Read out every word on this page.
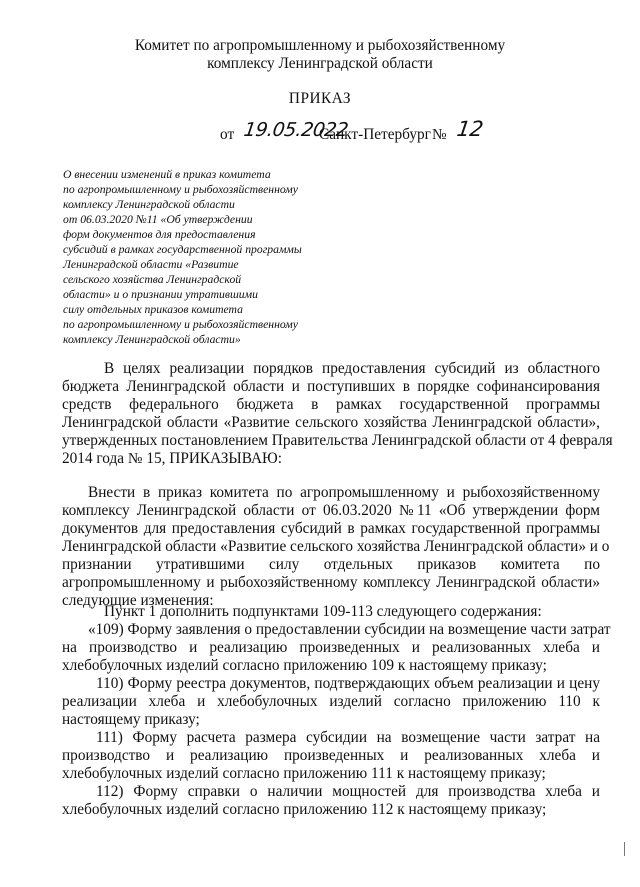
Комитет по агропромышленному и рыбохозяйственному
комплексу Ленинградской области
ПРИКАЗ
от 19.05.2022
Санкт-Петербург № 12
О внесении изменений в приказ комитета
по агропромышленному и рыбохозяйственному
комплексу Ленинградской области
от 06.03.2020 №11 «Об утверждении
форм документов для предоставления
субсидий в рамках государственной программы
Ленинградской области «Развитие
сельского хозяйства Ленинградской
области» и о признании утратившими
силу отдельных приказов комитета
по агропромышленному и рыбохозяйственному
комплексу Ленинградской области»
В целях реализации порядков предоставления субсидий из областного
бюджета Ленинградской области и поступивших в порядке софинансирования
средств федерального бюджета в рамках государственной программы
Ленинградской области «Развитие сельского хозяйства Ленинградской области»,
утвержденных постановлением Правительства Ленинградской области от 4 февраля
2014 года № 15, ПРИКАЗЫВАЮ:
Внести в приказ комитета по агропромышленному и рыбохозяйственному
комплексу Ленинградской области от 06.03.2020 №11 «Об утверждении форм
документов для предоставления субсидий в рамках государственной программы
Ленинградской области «Развитие сельского хозяйства Ленинградской области» и о
признании утратившими силу отдельных приказов комитета по
агропромышленному и рыбохозяйственному комплексу Ленинградской области»
следующие изменения:
Пункт 1 дополнить подпунктами 109-113 следующего содержания:
«109) Форму заявления о предоставлении субсидии на возмещение части затрат
на производство и реализацию произведенных и реализованных хлеба и
хлебобулочных изделий согласно приложению 109 к настоящему приказу;
110) Форму реестра документов, подтверждающих объем реализации и цену
реализации хлеба и хлебобулочных изделий согласно приложению 110 к
настоящему приказу;
111) Форму расчета размера субсидии на возмещение части затрат на
производство и реализацию произведенных и реализованных хлеба и
хлебобулочных изделий согласно приложению 111 к настоящему приказу;
112) Форму справки о наличии мощностей для производства хлеба и
хлебобулочных изделий согласно приложению 112 к настоящему приказу;
